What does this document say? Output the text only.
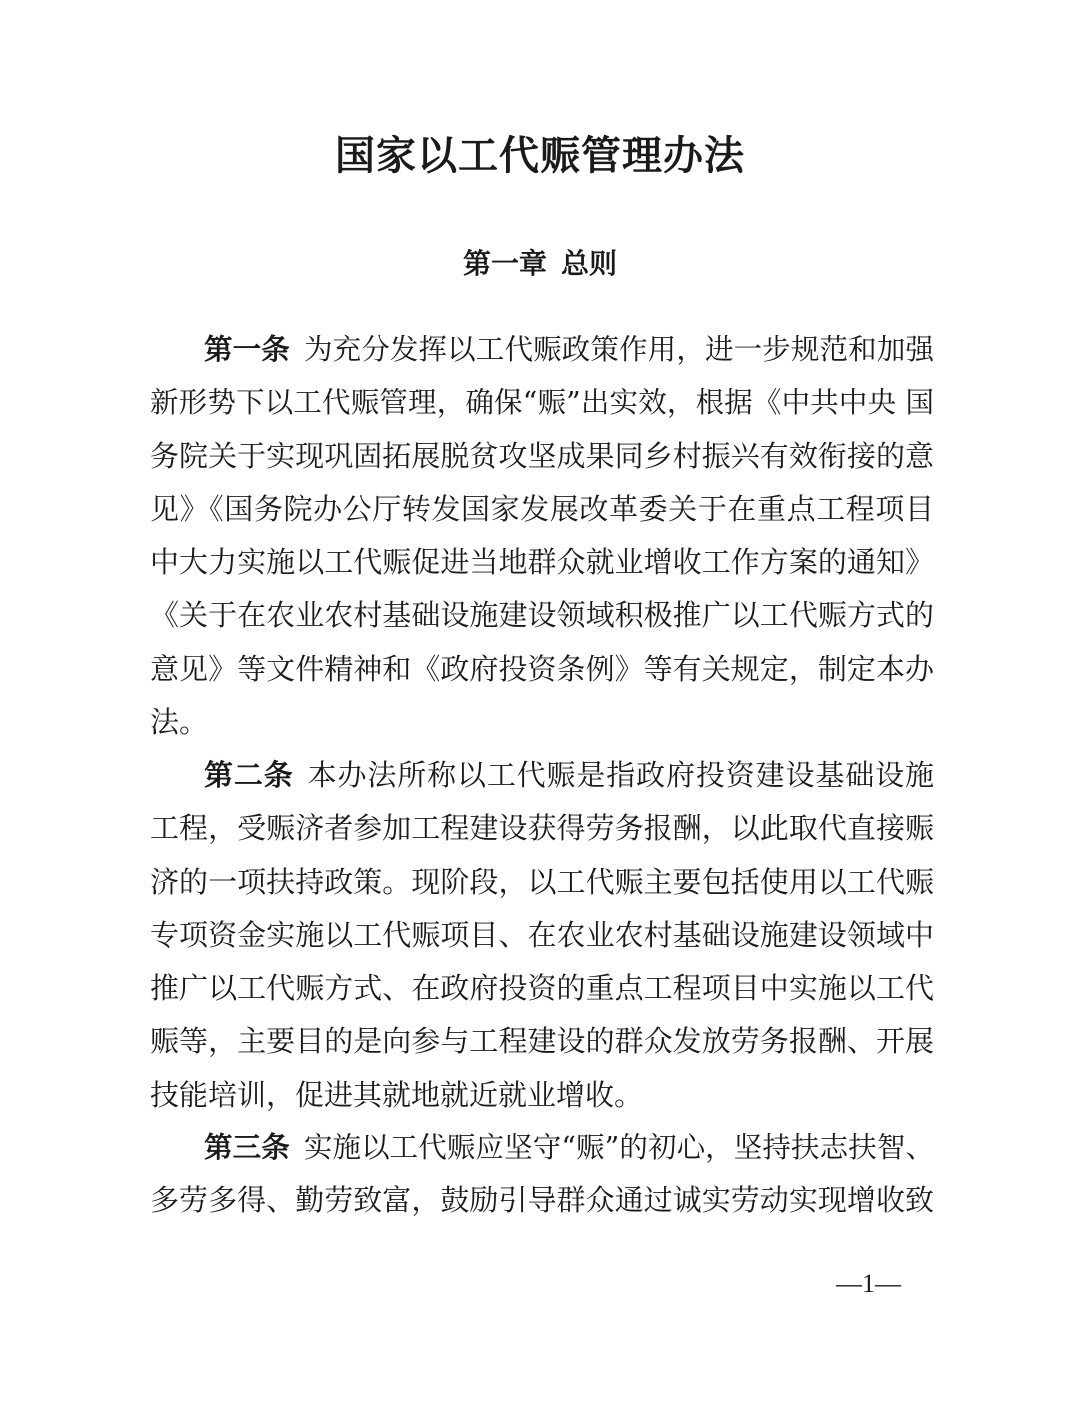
国家以工代赈管理办法
第一章 总则
第一条 为充分发挥以工代赈政策作用，进一步规范和加强
新形势下以工代赈管理，确保“赈”出实效，根据《中共中央 国
务院关于实现巩固拓展脱贫攻坚成果同乡村振兴有效衔接的意
见》《国务院办公厅转发国家发展改革委关于在重点工程项目
中大力实施以工代赈促进当地群众就业增收工作方案的通知》
《关于在农业农村基础设施建设领域积极推广以工代赈方式的
意见》等文件精神和《政府投资条例》等有关规定，制定本办
法。
第二条 本办法所称以工代赈是指政府投资建设基础设施
工程，受赈济者参加工程建设获得劳务报酬，以此取代直接赈
济的一项扶持政策。现阶段，以工代赈主要包括使用以工代赈
专项资金实施以工代赈项目、在农业农村基础设施建设领域中
推广以工代赈方式、在政府投资的重点工程项目中实施以工代
赈等，主要目的是向参与工程建设的群众发放劳务报酬、开展
技能培训，促进其就地就近就业增收。
第三条 实施以工代赈应坚守“赈”的初心，坚持扶志扶智、
多劳多得、勤劳致富，鼓励引导群众通过诚实劳动实现增收致
—1—
